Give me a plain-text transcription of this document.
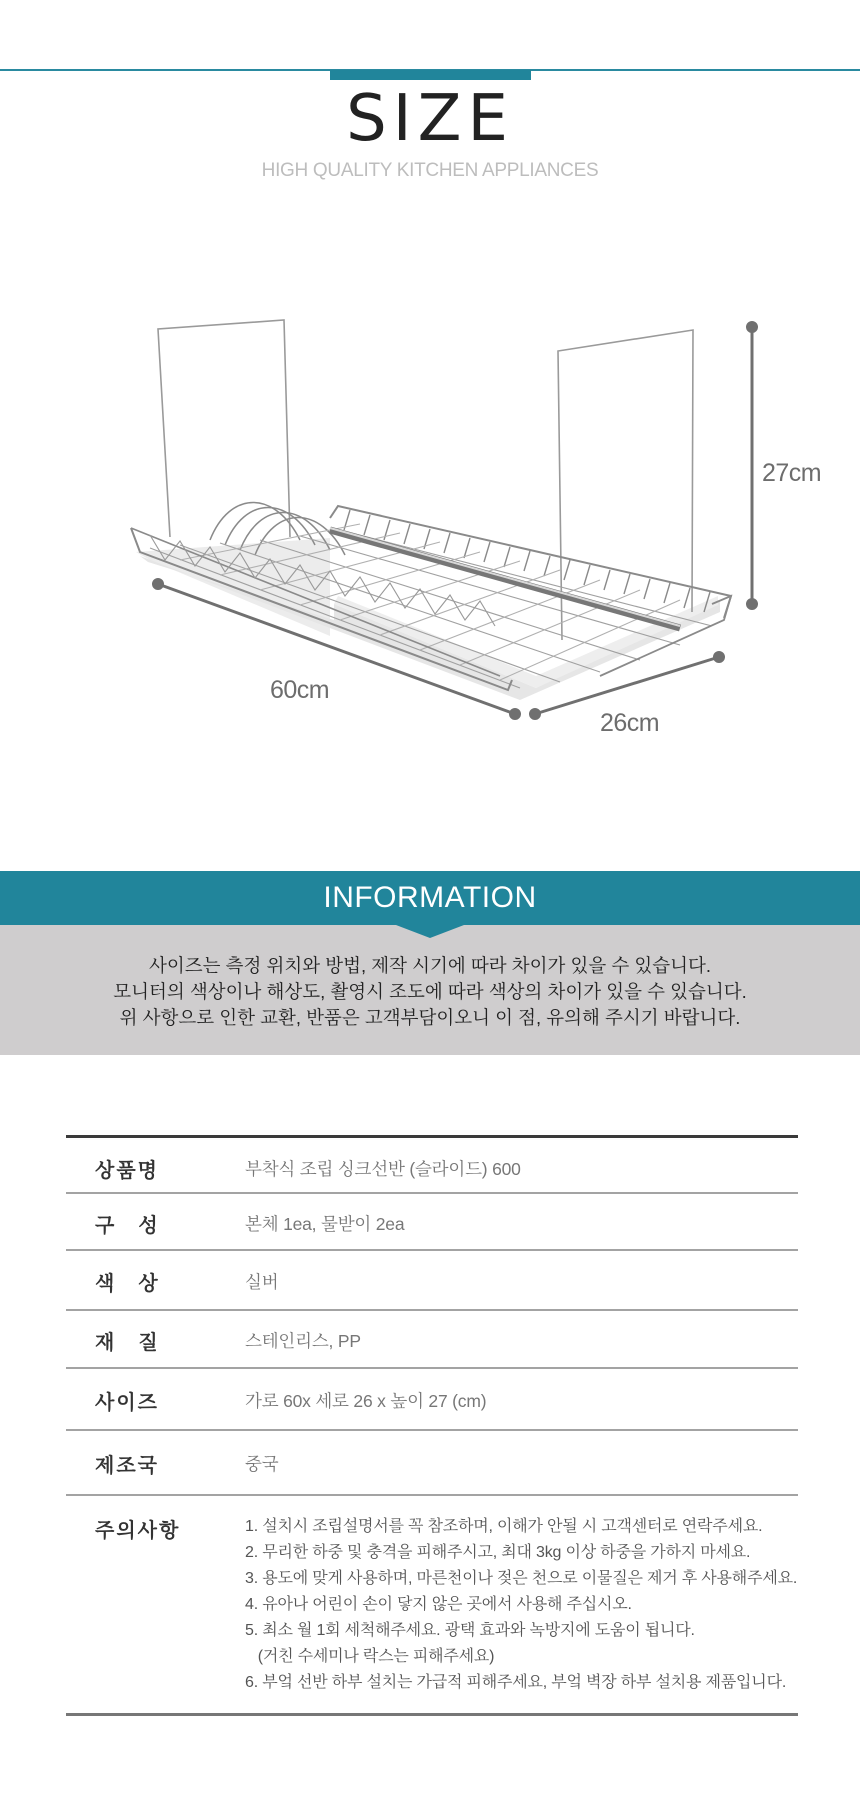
SIZE
HIGH QUALITY KITCHEN APPLIANCES
60cm
26cm
27cm
INFORMATION
사이즈는 측정 위치와 방법, 제작 시기에 따라 차이가 있을 수 있습니다.
모니터의 색상이나 해상도, 촬영시 조도에 따라 색상의 차이가 있을 수 있습니다.
위 사항으로 인한 교환, 반품은 고객부담이오니 이 점, 유의해 주시기 바랍니다.
상품명	부착식 조립 싱크선반 (슬라이드) 600
구　성	본체 1ea, 물받이 2ea
색　상	실버
재　질	스테인리스, PP
사이즈	가로 60x 세로 26 x 높이 27 (cm)
제조국	중국
주의사항	1. 설치시 조립설명서를 꼭 참조하며, 이해가 안될 시 고객센터로 연락주세요.
2. 무리한 하중 및 충격을 피해주시고, 최대 3kg 이상 하중을 가하지 마세요.
3. 용도에 맞게 사용하며, 마른천이나 젖은 천으로 이물질은 제거 후 사용해주세요.
4. 유아나 어린이 손이 닿지 않은 곳에서 사용해 주십시오.
5. 최소 월 1회 세척해주세요. 광택 효과와 녹방지에 도움이 됩니다.
(거친 수세미나 락스는 피해주세요)
6. 부엌 선반 하부 설치는 가급적 피해주세요, 부엌 벽장 하부 설치용 제품입니다.
